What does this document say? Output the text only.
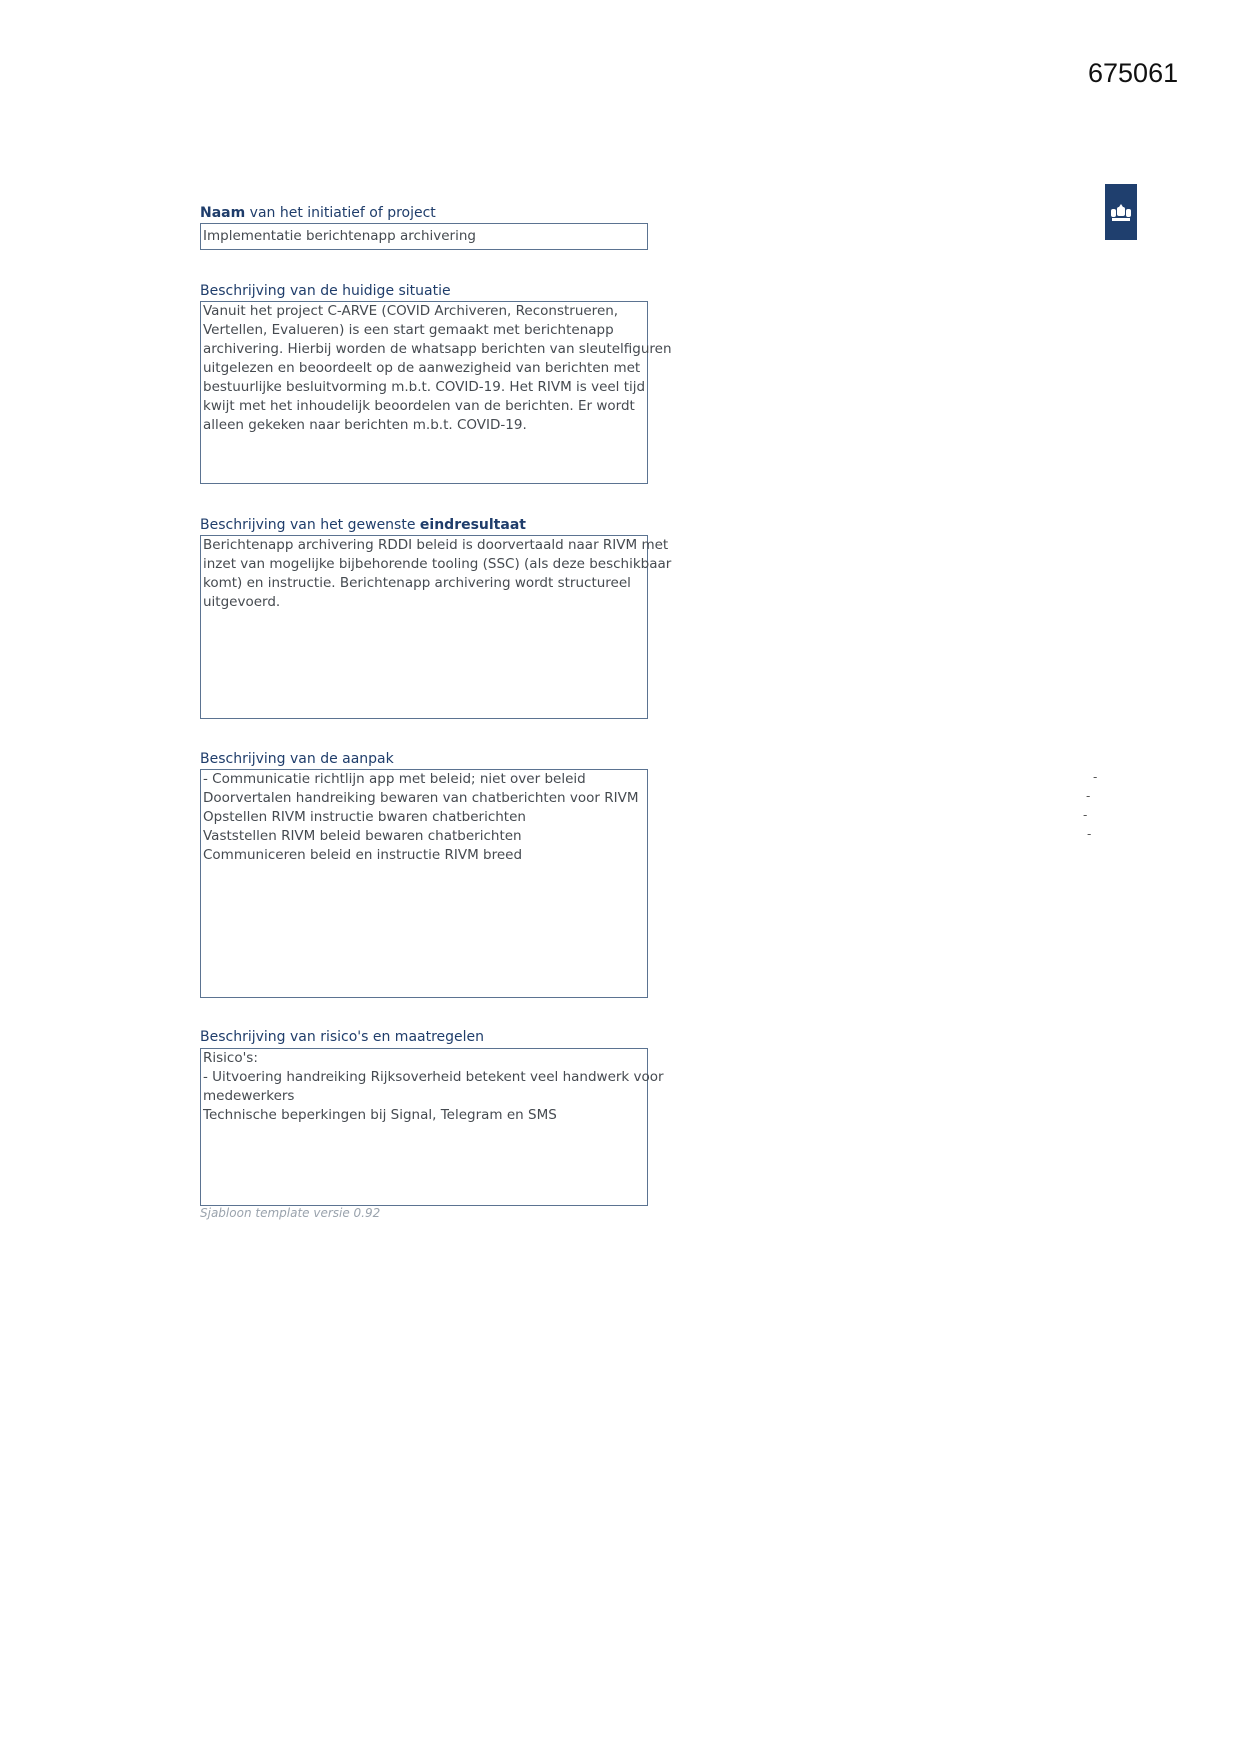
675061
Naam van het initiatief of project
Implementatie berichtenapp archivering
Beschrijving van de huidige situatie
Vanuit het project C-ARVE (COVID Archiveren, Reconstrueren,
Vertellen, Evalueren) is een start gemaakt met berichtenapp
archivering. Hierbij worden de whatsapp berichten van sleutelfiguren
uitgelezen en beoordeelt op de aanwezigheid van berichten met
bestuurlijke besluitvorming m.b.t. COVID-19. Het RIVM is veel tijd
kwijt met het inhoudelijk beoordelen van de berichten. Er wordt
alleen gekeken naar berichten m.b.t. COVID-19.
Beschrijving van het gewenste eindresultaat
Berichtenapp archivering RDDI beleid is doorvertaald naar RIVM met
inzet van mogelijke bijbehorende tooling (SSC) (als deze beschikbaar
komt) en instructie. Berichtenapp archivering wordt structureel
uitgevoerd.
Beschrijving van de aanpak
- Communicatie richtlijn app met beleid; niet over beleid
Doorvertalen handreiking bewaren van chatberichten voor RIVM
Opstellen RIVM instructie bwaren chatberichten
Vaststellen RIVM beleid bewaren chatberichten
Communiceren beleid en instructie RIVM breed
-
-
-
-
Beschrijving van risico's en maatregelen
Risico's:
- Uitvoering handreiking Rijksoverheid betekent veel handwerk voor
medewerkers
Technische beperkingen bij Signal, Telegram en SMS
Sjabloon template versie 0.92
